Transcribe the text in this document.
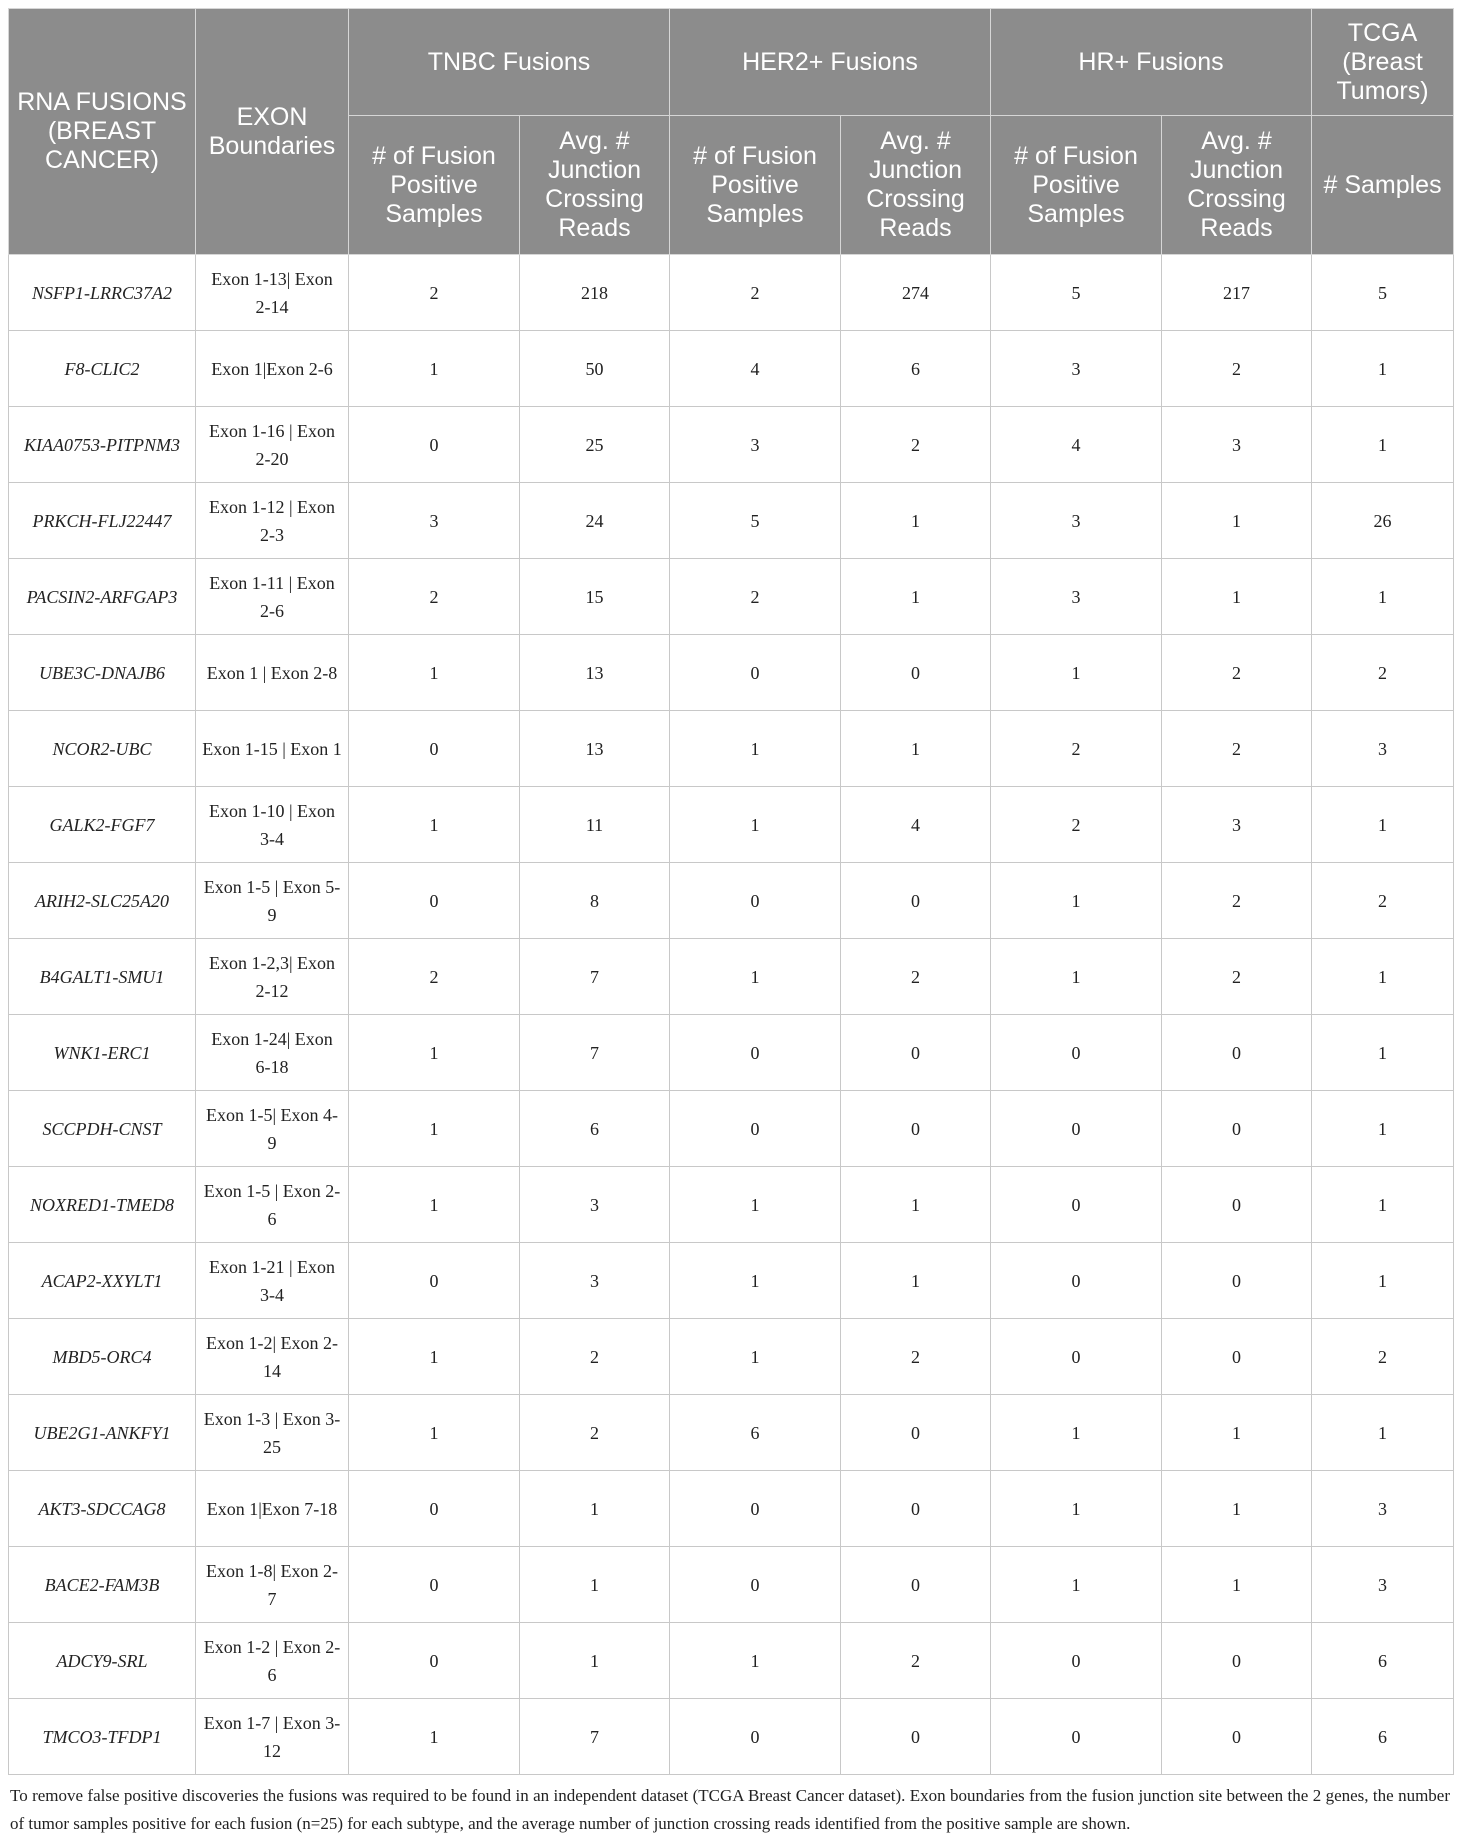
RNA FUSIONS (BREAST CANCER)	EXON Boundaries	TNBC Fusions		HER2+ Fusions		HR+ Fusions		TCGA (Breast Tumors)
		# of Fusion Positive Samples	Avg. # Junction Crossing Reads	# of Fusion Positive Samples	Avg. # Junction Crossing Reads	# of Fusion Positive Samples	Avg. # Junction Crossing Reads	# Samples
NSFP1-LRRC37A2	Exon 1-13| Exon 2-14	2	218	2	274	5	217	5
F8-CLIC2	Exon 1|Exon 2-6	1	50	4	6	3	2	1
KIAA0753-PITPNM3	Exon 1-16 | Exon 2-20	0	25	3	2	4	3	1
PRKCH-FLJ22447	Exon 1-12 | Exon 2-3	3	24	5	1	3	1	26
PACSIN2-ARFGAP3	Exon 1-11 | Exon 2-6	2	15	2	1	3	1	1
UBE3C-DNAJB6	Exon 1 | Exon 2-8	1	13	0	0	1	2	2
NCOR2-UBC	Exon 1-15 | Exon 1	0	13	1	1	2	2	3
GALK2-FGF7	Exon 1-10 | Exon 3-4	1	11	1	4	2	3	1
ARIH2-SLC25A20	Exon 1-5 | Exon 5-9	0	8	0	0	1	2	2
B4GALT1-SMU1	Exon 1-2,3| Exon 2-12	2	7	1	2	1	2	1
WNK1-ERC1	Exon 1-24| Exon 6-18	1	7	0	0	0	0	1
SCCPDH-CNST	Exon 1-5| Exon 4-9	1	6	0	0	0	0	1
NOXRED1-TMED8	Exon 1-5 | Exon 2-6	1	3	1	1	0	0	1
ACAP2-XXYLT1	Exon 1-21 | Exon 3-4	0	3	1	1	0	0	1
MBD5-ORC4	Exon 1-2| Exon 2-14	1	2	1	2	0	0	2
UBE2G1-ANKFY1	Exon 1-3 | Exon 3-25	1	2	6	0	1	1	1
AKT3-SDCCAG8	Exon 1|Exon 7-18	0	1	0	0	1	1	3
BACE2-FAM3B	Exon 1-8| Exon 2-7	0	1	0	0	1	1	3
ADCY9-SRL	Exon 1-2 | Exon 2-6	0	1	1	2	0	0	6
TMCO3-TFDP1	Exon 1-7 | Exon 3-12	1	7	0	0	0	0	6

To remove false positive discoveries the fusions was required to be found in an independent dataset (TCGA Breast Cancer dataset). Exon boundaries from the fusion junction site between the 2 genes, the number of tumor samples positive for each fusion (n=25) for each subtype, and the average number of junction crossing reads identified from the positive sample are shown.
